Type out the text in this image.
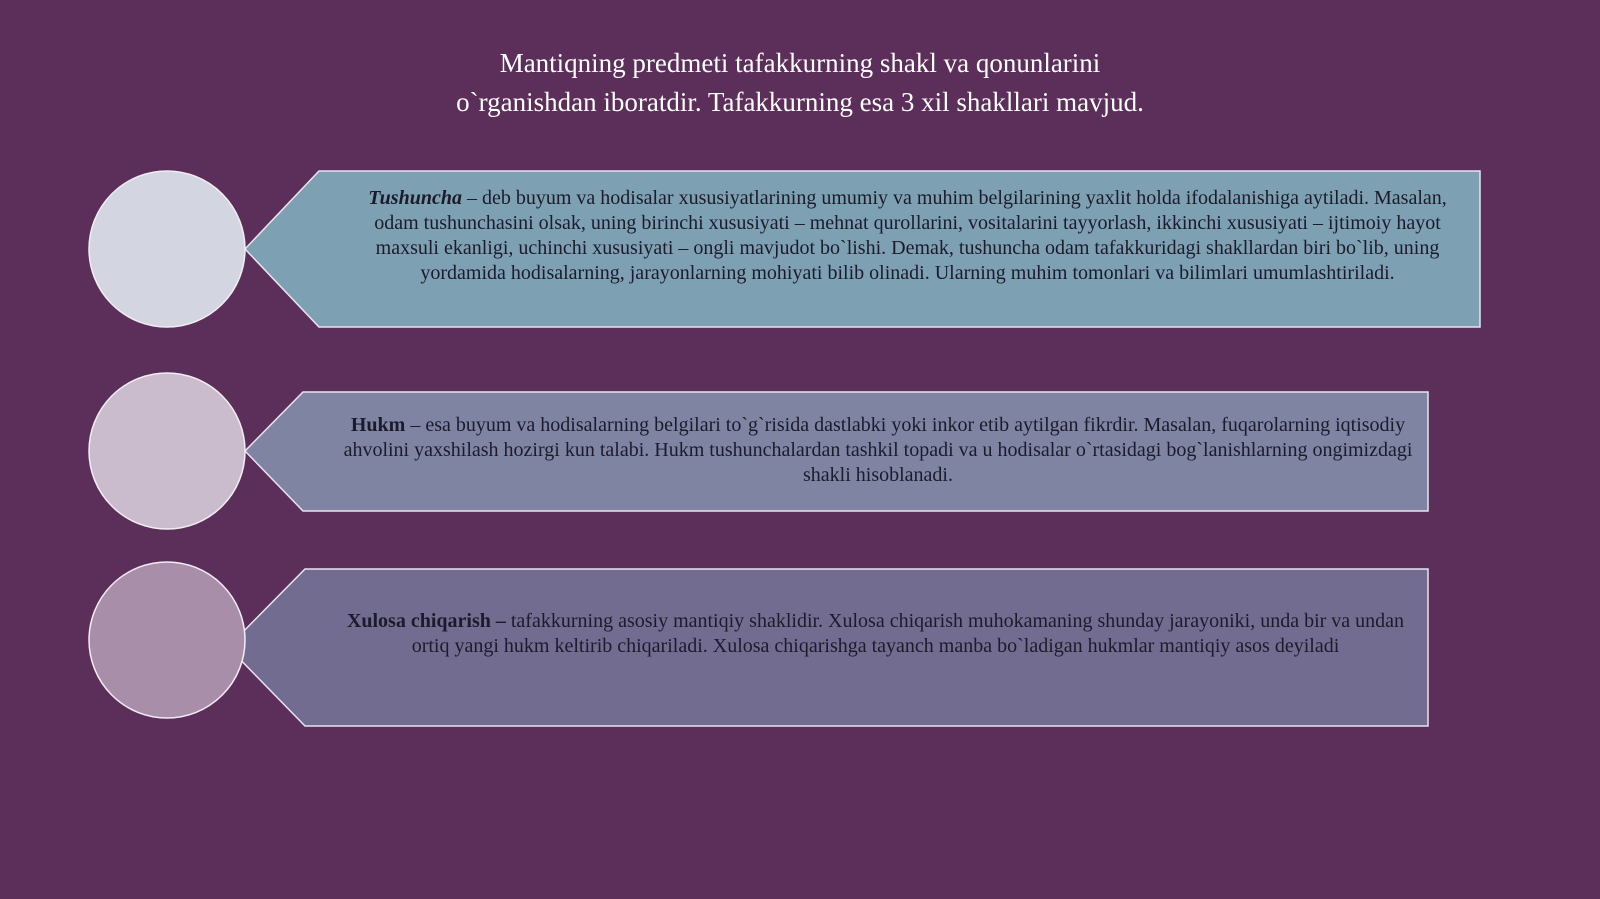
Mantiqning predmeti tafakkurning shakl va qonunlarini o`rganishdan iboratdir. Tafakkurning esa 3 xil shakllari mavjud.

Tushuncha – deb buyum va hodisalar xususiyatlarining umumiy va muhim belgilarining yaxlit holda ifodalanishiga aytiladi. Masalan, odam tushunchasini olsak, uning birinchi xususiyati – mehnat qurollarini, vositalarini tayyorlash, ikkinchi xususiyati – ijtimoiy hayot maxsuli ekanligi, uchinchi xususiyati – ongli mavjudot bo`lishi. Demak, tushuncha odam tafakkuridagi shakllardan biri bo`lib, uning yordamida hodisalarning, jarayonlarning mohiyati bilib olinadi. Ularning muhim tomonlari va bilimlari umumlashtiriladi.

Hukm – esa buyum va hodisalarning belgilari to`g`risida dastlabki yoki inkor etib aytilgan fikrdir. Masalan, fuqarolarning iqtisodiy ahvolini yaxshilash hozirgi kun talabi. Hukm tushunchalardan tashkil topadi va u hodisalar o`rtasidagi bog`lanishlarning ongimizdagi shakli hisoblanadi.

Xulosa chiqarish – tafakkurning asosiy mantiqiy shaklidir. Xulosa chiqarish muhokamaning shunday jarayoniki, unda bir va undan ortiq yangi hukm keltirib chiqariladi. Xulosa chiqarishga tayanch manba bo`ladigan hukmlar mantiqiy asos deyiladi
